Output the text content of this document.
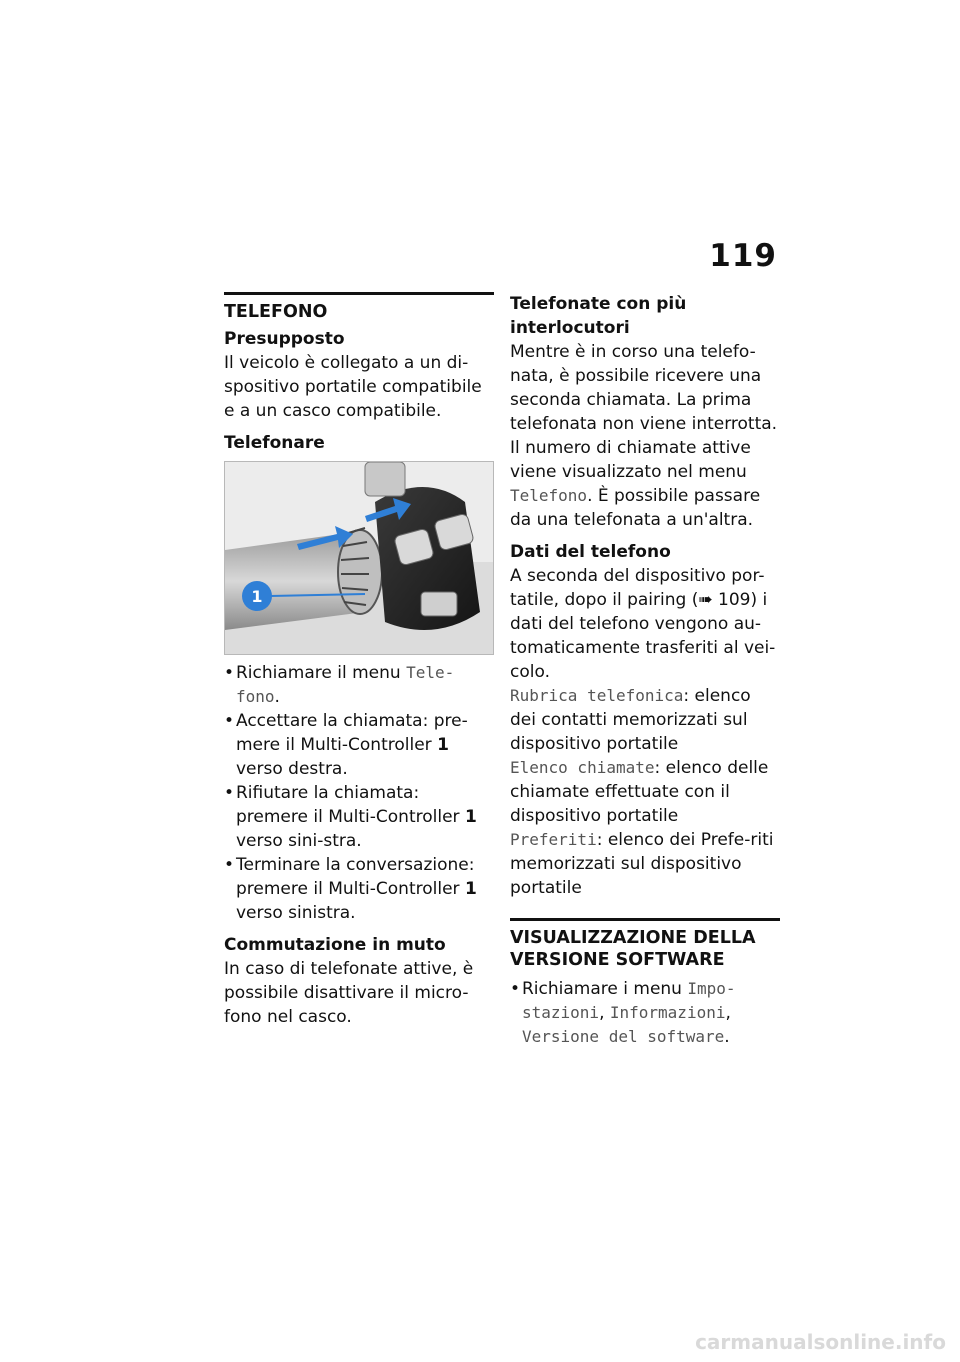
119
TELEFONO
Presupposto

Il veicolo è collegato a un di-spositivo portatile compatibile e a un casco compatibile.

Telefonare
1
• Richiamare il menu Tele-fono.
• Accettare la chiamata: pre-mere il Multi-Controller 1 verso destra.
• Rifiutare la chiamata: premere il Multi-Controller 1 verso sini-stra.
• Terminare la conversazione: premere il Multi-Controller 1 verso sinistra.
Commutazione in muto

In caso di telefonate attive, è possibile disattivare il micro-fono nel casco.

Telefonate con più interlocutori

Mentre è in corso una telefo-nata, è possibile ricevere una seconda chiamata. La prima telefonata non viene interrotta. Il numero di chiamate attive viene visualizzato nel menu Telefono. È possibile passare da una telefonata a un'altra.

Dati del telefono

A seconda del dispositivo por-tatile, dopo il pairing (➠ 109) i dati del telefono vengono au-tomaticamente trasferiti al vei-colo.

Rubrica telefonica: elenco dei contatti memorizzati sul dispositivo portatile

Elenco chiamate: elenco delle chiamate effettuate con il dispositivo portatile

Preferiti: elenco dei Prefe-riti memorizzati sul dispositivo portatile

VISUALIZZAZIONE DELLA VERSIONE SOFTWARE
• Richiamare i menu Impo-stazioni, Informazioni, Versione del software.
carmanualsonline.info
